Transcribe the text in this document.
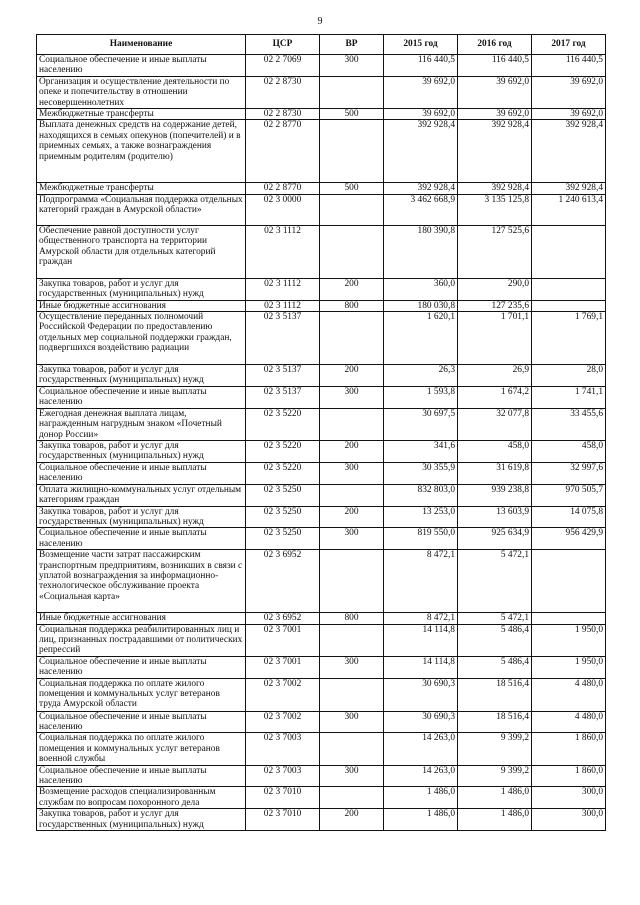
9
Наименование	ЦСР	ВР	2015 год	2016 год	2017 год
Социальное обеспечение и иные выплаты населению	02 2 7069	300	116 440,5	116 440,5	116 440,5
Организация и осуществление деятельности по опеке и попечительству в отношении несовершеннолетних	02 2 8730		39 692,0	39 692,0	39 692,0
Межбюджетные трансферты	02 2 8730	500	39 692,0	39 692,0	39 692,0
Выплата денежных средств на содержание детей, находящихся в семьях опекунов (попечителей) и в приемных семьях, а также вознаграждения приемным родителям (родителю)	02 2 8770		392 928,4	392 928,4	392 928,4
Межбюджетные трансферты	02 2 8770	500	392 928,4	392 928,4	392 928,4
Подпрограмма «Социальная поддержка отдельных категорий граждан в Амурской области»	02 3 0000		3 462 668,9	3 135 125,8	1 240 613,4
Обеспечение равной доступности услуг общественного транспорта на территории Амурской области для отдельных категорий граждан	02 3 1112		180 390,8	127 525,6	
Закупка товаров, работ и услуг для государственных (муниципальных) нужд	02 3 1112	200	360,0	290,0	
Иные бюджетные ассигнования	02 3 1112	800	180 030,8	127 235,6	
Осуществление переданных полномочий Российской Федерации по предоставлению отдельных мер социальной поддержки граждан, подвергшихся воздействию радиации	02 3 5137		1 620,1	1 701,1	1 769,1
Закупка товаров, работ и услуг для государственных (муниципальных) нужд	02 3 5137	200	26,3	26,9	28,0
Социальное обеспечение и иные выплаты населению	02 3 5137	300	1 593,8	1 674,2	1 741,1
Ежегодная денежная выплата лицам, награжденным нагрудным знаком «Почетный донор России»	02 3 5220		30 697,5	32 077,8	33 455,6
Закупка товаров, работ и услуг для государственных (муниципальных) нужд	02 3 5220	200	341,6	458,0	458,0
Социальное обеспечение и иные выплаты населению	02 3 5220	300	30 355,9	31 619,8	32 997,6
Оплата жилищно-коммунальных услуг отдельным категориям граждан	02 3 5250		832 803,0	939 238,8	970 505,7
Закупка товаров, работ и услуг для государственных (муниципальных) нужд	02 3 5250	200	13 253,0	13 603,9	14 075,8
Социальное обеспечение и иные выплаты населению	02 3 5250	300	819 550,0	925 634,9	956 429,9
Возмещение части затрат пассажирским транспортным предприятиям, возникших в связи с уплатой вознаграждения за информационно-технологическое обслуживание проекта «Социальная карта»	02 3 6952		8 472,1	5 472,1	
Иные бюджетные ассигнования	02 3 6952	800	8 472,1	5 472,1	
Социальная поддержка реабилитированных лиц и лиц, признанных пострадавшими от политических репрессий	02 3 7001		14 114,8	5 486,4	1 950,0
Социальное обеспечение и иные выплаты населению	02 3 7001	300	14 114,8	5 486,4	1 950,0
Социальная поддержка по оплате жилого помещения и коммунальных услуг ветеранов труда Амурской области	02 3 7002		30 690,3	18 516,4	4 480,0
Социальное обеспечение и иные выплаты населению	02 3 7002	300	30 690,3	18 516,4	4 480,0
Социальная поддержка по оплате жилого помещения и коммунальных услуг ветеранов военной службы	02 3 7003		14 263,0	9 399,2	1 860,0
Социальное обеспечение и иные выплаты населению	02 3 7003	300	14 263,0	9 399,2	1 860,0
Возмещение расходов специализированным службам по вопросам похоронного дела	02 3 7010		1 486,0	1 486,0	300,0
Закупка товаров, работ и услуг для государственных (муниципальных) нужд	02 3 7010	200	1 486,0	1 486,0	300,0
